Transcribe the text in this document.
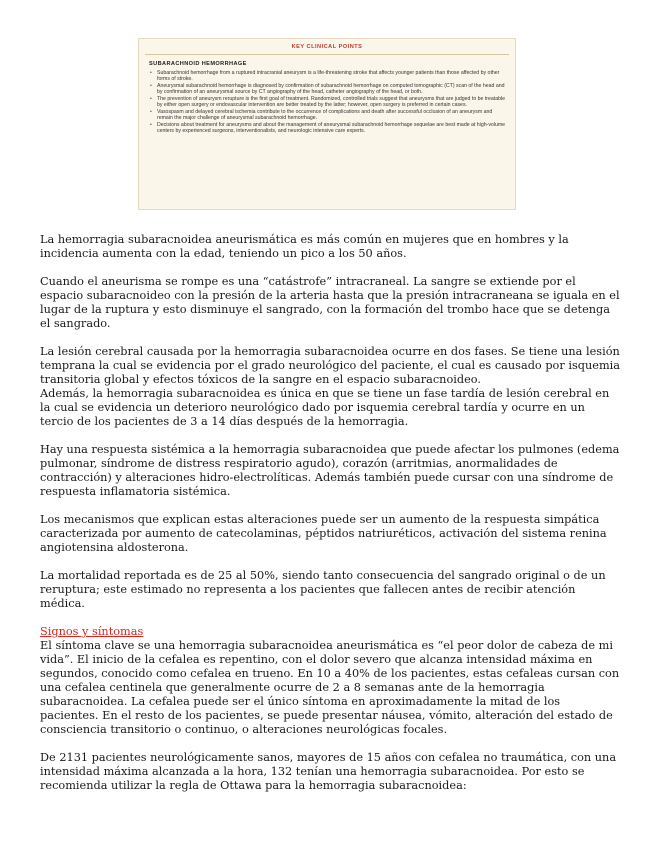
KEY CLINICAL POINTS
SUBARACHNOID HEMORRHAGE
• Subarachnoid hemorrhage from a ruptured intracranial aneurysm is a life-threatening stroke that affects younger patients than those affected by other forms of stroke.
• Aneurysmal subarachnoid hemorrhage is diagnosed by confirmation of subarachnoid hemorrhage on computed tomographic (CT) scan of the head and by confirmation of an aneurysmal source by CT angiography of the head, catheter angiography of the head, or both.
• The prevention of aneurysm rerupture is the first goal of treatment. Randomized, controlled trials suggest that aneurysms that are judged to be treatable by either open surgery or endovascular intervention are better treated by the latter; however, open surgery is preferred in certain cases.
• Vasospasm and delayed cerebral ischemia contribute to the occurrence of complications and death after successful occlusion of an aneurysm and remain the major challenge of aneurysmal subarachnoid hemorrhage.
• Decisions about treatment for aneurysms and about the management of aneurysmal subarachnoid hemorrhage sequelae are best made at high-volume centers by experienced surgeons, interventionalists, and neurologic intensive care experts.

La hemorragia subaracnoidea aneurismática es más común en mujeres que en hombres y la incidencia aumenta con la edad, teniendo un pico a los 50 años.

Cuando el aneurisma se rompe es una “catástrofe” intracraneal. La sangre se extiende por el espacio subaracnoideo con la presión de la arteria hasta que la presión intracraneana se iguala en el lugar de la ruptura y esto disminuye el sangrado, con la formación del trombo hace que se detenga el sangrado.

La lesión cerebral causada por la hemorragia subaracnoidea ocurre en dos fases. Se tiene una lesión temprana la cual se evidencia por el grado neurológico del paciente, el cual es causado por isquemia transitoria global y efectos tóxicos de la sangre en el espacio subaracnoideo.

Además, la hemorragia subaracnoidea es única en que se tiene un fase tardía de lesión cerebral en la cual se evidencia un deterioro neurológico dado por isquemia cerebral tardía y ocurre en un tercio de los pacientes de 3 a 14 días después de la hemorragia.

Hay una respuesta sistémica a la hemorragia subaracnoidea que puede afectar los pulmones (edema pulmonar, síndrome de distress respiratorio agudo), corazón (arritmias, anormalidades de contracción) y alteraciones hidro-electrolíticas. Además también puede cursar con una síndrome de respuesta inflamatoria sistémica.

Los mecanismos que explican estas alteraciones puede ser un aumento de la respuesta simpática caracterizada por aumento de catecolaminas, péptidos natriuréticos, activación del sistema renina angiotensina aldosterona.

La mortalidad reportada es de 25 al 50%, siendo tanto consecuencia del sangrado original o de un reruptura; este estimado no representa a los pacientes que fallecen antes de recibir atención médica.

Signos y síntomas

El síntoma clave se una hemorragia subaracnoidea aneurismática es “el peor dolor de cabeza de mi vida”. El inicio de la cefalea es repentino, con el dolor severo que alcanza intensidad máxima en segundos, conocido como cefalea en trueno. En 10 a 40% de los pacientes, estas cefaleas cursan con una cefalea centinela que generalmente ocurre de 2 a 8 semanas ante de la hemorragia subaracnoidea. La cefalea puede ser el único síntoma en aproximadamente la mitad de los pacientes. En el resto de los pacientes, se puede presentar náusea, vómito, alteración del estado de consciencia transitorio o continuo, o alteraciones neurológicas focales.

De 2131 pacientes neurológicamente sanos, mayores de 15 años con cefalea no traumática, con una intensidad máxima alcanzada a la hora, 132 tenían una hemorragia subaracnoidea. Por esto se recomienda utilizar la regla de Ottawa para la hemorragia subaracnoidea:
